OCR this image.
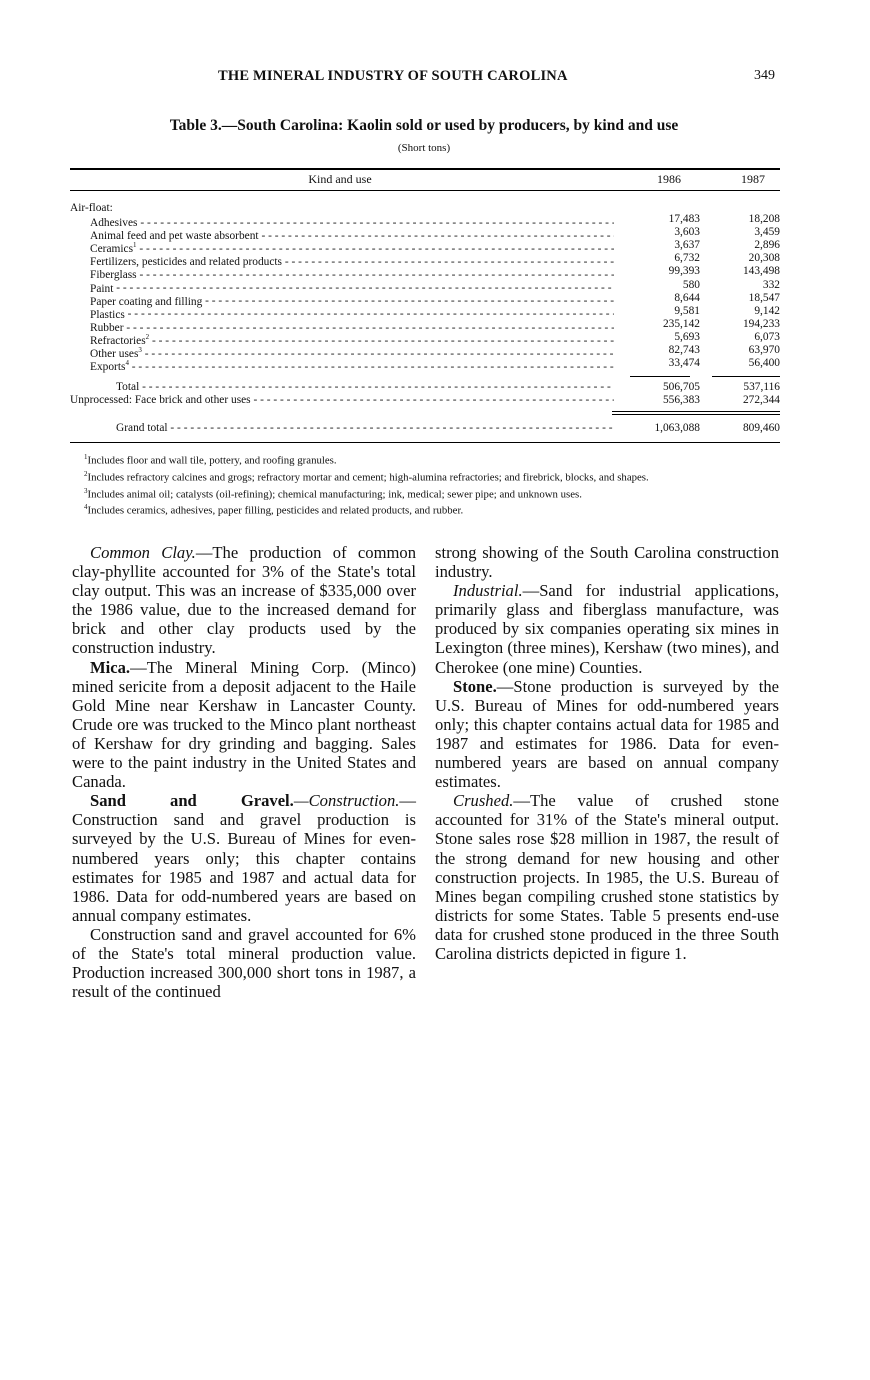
THE MINERAL INDUSTRY OF SOUTH CAROLINA	349
Table 3.—South Carolina: Kaolin sold or used by producers, by kind and use
(Short tons)
Kind and use	1986	1987
Air-float:
Adhesives - - -	17,483	18,208
Animal feed and pet waste absorbent - - -	3,603	3,459
Ceramics$^1$ - - -	3,637	2,896
Fertilizers, pesticides and related products - - -	6,732	20,308
Fiberglass - - -	99,393	143,498
Paint - - -	580	332
Paper coating and filling - - -	8,644	18,547
Plastics - - -	9,581	9,142
Rubber - - -	235,142	194,233
Refractories$^2$ - - -	5,693	6,073
Other uses$^3$ - - -	82,743	63,970
Exports$^4$ - - -	33,474	56,400
Total - - -	506,705	537,116
Unprocessed: Face brick and other uses - - -	556,383	272,344
Grand total - - -	1,063,088	809,460

$^1$Includes floor and wall tile, pottery, and roofing granules.

$^2$Includes refractory calcines and grogs; refractory mortar and cement; high-alumina refractories; and firebrick, blocks, and shapes.

$^3$Includes animal oil; catalysts (oil-refining); chemical manufacturing; ink, medical; sewer pipe; and unknown uses.

$^4$Includes ceramics, adhesives, paper filling, pesticides and related products, and rubber.

Common Clay.—The production of common clay-phyllite accounted for 3% of the State's total clay output. This was an increase of $335,000 over the 1986 value, due to the increased demand for brick and other clay products used by the construction industry.

Mica.—The Mineral Mining Corp. (Minco) mined sericite from a deposit adjacent to the Haile Gold Mine near Kershaw in Lancaster County. Crude ore was trucked to the Minco plant northeast of Kershaw for dry grinding and bagging. Sales were to the paint industry in the United States and Canada.

Sand and Gravel.—Construction.—Construction sand and gravel production is surveyed by the U.S. Bureau of Mines for even-numbered years only; this chapter contains estimates for 1985 and 1987 and actual data for 1986. Data for odd-numbered years are based on annual company estimates.

Construction sand and gravel accounted for 6% of the State's total mineral production value. Production increased 300,000 short tons in 1987, a result of the continued

strong showing of the South Carolina construction industry.

Industrial.—Sand for industrial applications, primarily glass and fiberglass manufacture, was produced by six companies operating six mines in Lexington (three mines), Kershaw (two mines), and Cherokee (one mine) Counties.

Stone.—Stone production is surveyed by the U.S. Bureau of Mines for odd-numbered years only; this chapter contains actual data for 1985 and 1987 and estimates for 1986. Data for even-numbered years are based on annual company estimates.

Crushed.—The value of crushed stone accounted for 31% of the State's mineral output. Stone sales rose $28 million in 1987, the result of the strong demand for new housing and other construction projects. In 1985, the U.S. Bureau of Mines began compiling crushed stone statistics by districts for some States. Table 5 presents end-use data for crushed stone produced in the three South Carolina districts depicted in figure 1.
